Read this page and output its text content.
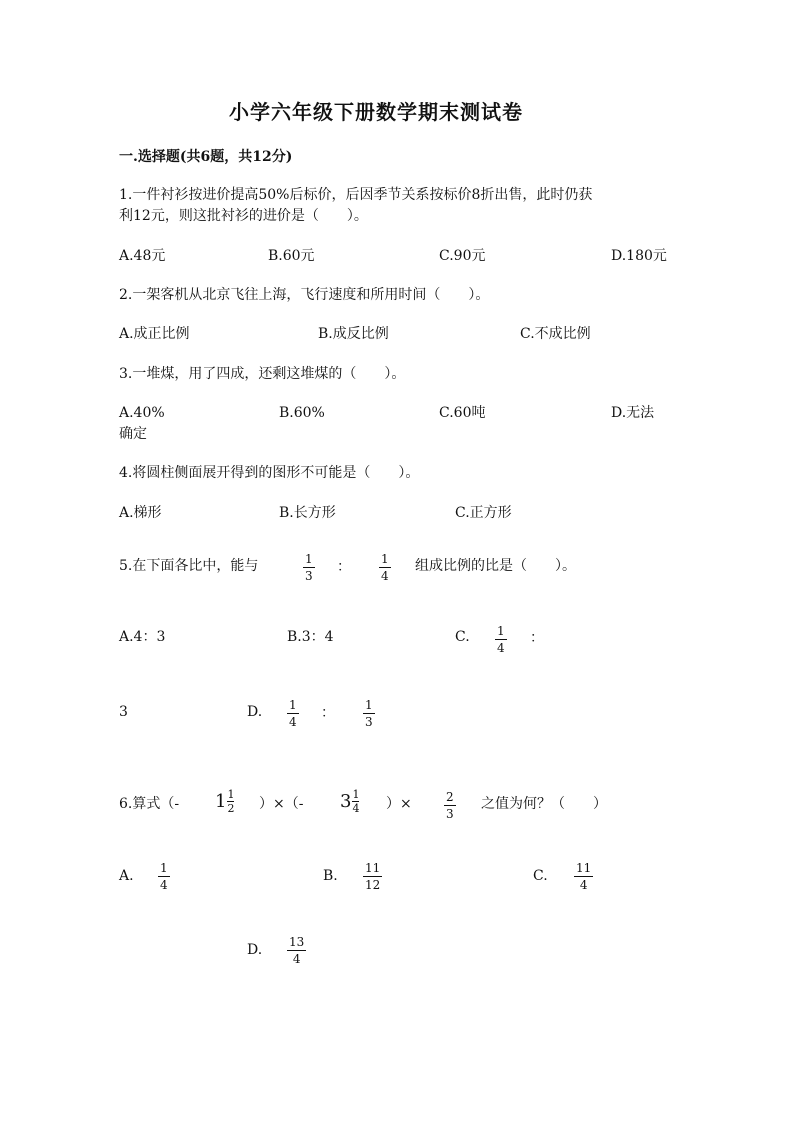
小学六年级下册数学期末测试卷
一.选择题(共6题，共12分)
1.一件衬衫按进价提高50%后标价，后因季节关系按标价8折出售，此时仍获
利12元，则这批衬衫的进价是（　　）。
A.48元	B.60元	C.90元	D.180元
2.一架客机从北京飞往上海，飞行速度和所用时间（　　）。
A.成正比例	B.成反比例	C.不成比例
3.一堆煤，用了四成，还剩这堆煤的（　　）。
A.40%	B.60%	C.60吨	D.无法
确定
4.将圆柱侧面展开得到的图形不可能是（　　）。
A.梯形	B.长方形	C.正方形
5.在下面各比中，能与	1
3
：	1
4
组成比例的比是（　　）。
A.4：3	B.3：4	C. 1
4
：
3	D. 1
4
：	1
3
6.算式（- $1 \frac{1}{2}$ ）×（- $3 \frac{1}{4}$ ）×	2
3
之值为何？（　　）
A. 1
4
B. 11
12
C. 11
4
D. 13
4
